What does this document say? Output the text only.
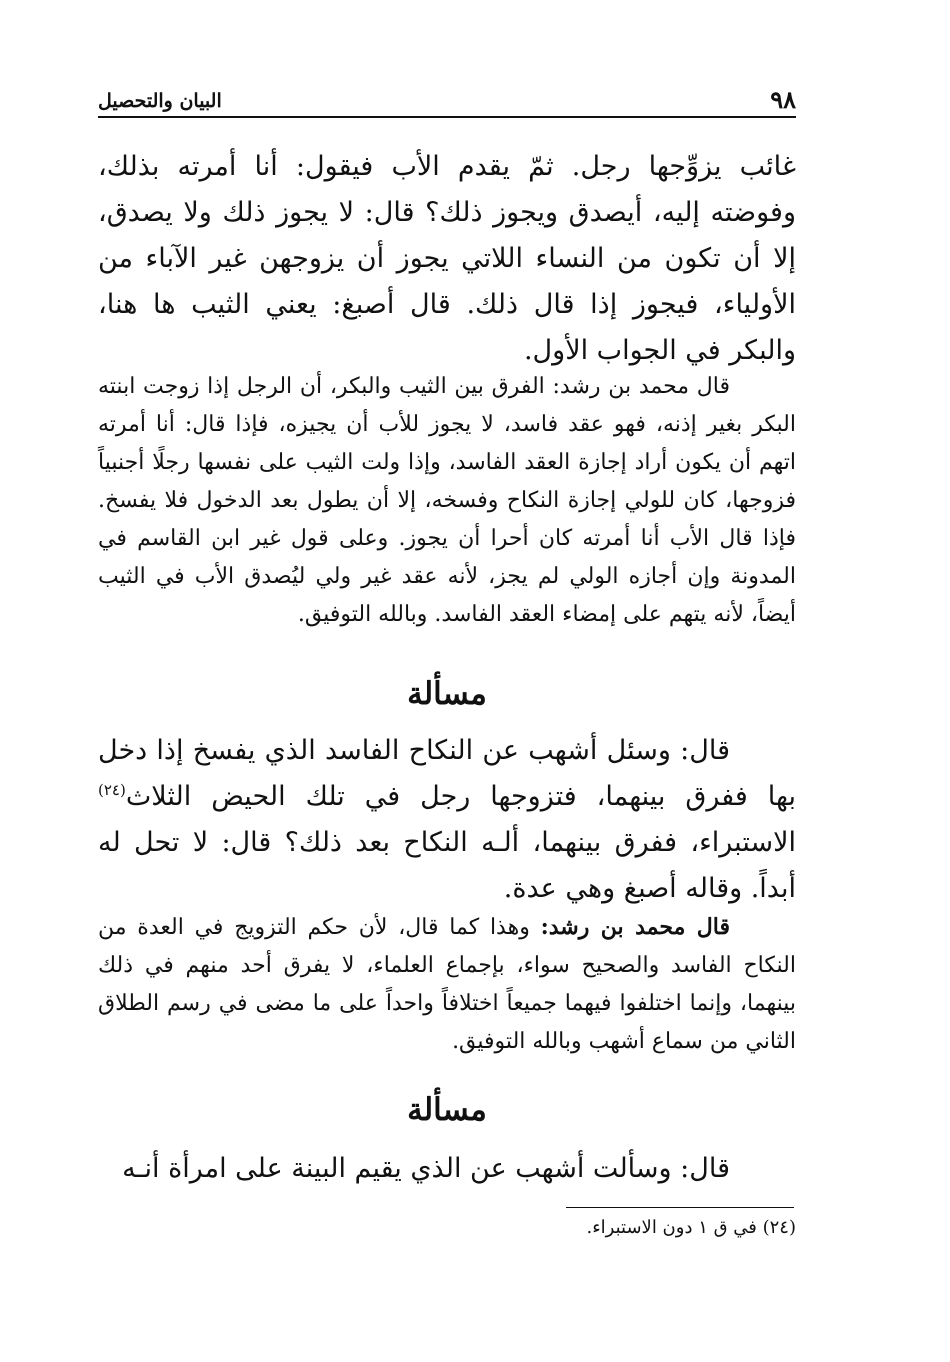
البيان والتحصيل	٩٨

غائب يزوِّجها رجل. ثمّ يقدم الأب فيقول: أنا أمرته بذلك، وفوضته إليه، أيصدق ويجوز ذلك؟ قال: لا يجوز ذلك ولا يصدق، إلا أن تكون من النساء اللاتي يجوز أن يزوجهن غير الآباء من الأولياء، فيجوز إذا قال ذلك. قال أصبغ: يعني الثيب ها هنا، والبكر في الجواب الأول.

قال محمد بن رشد: الفرق بين الثيب والبكر، أن الرجل إذا زوجت ابنته البكر بغير إذنه، فهو عقد فاسد، لا يجوز للأب أن يجيزه، فإذا قال: أنا أمرته اتهم أن يكون أراد إجازة العقد الفاسد، وإذا ولت الثيب على نفسها رجلًا أجنبياً فزوجها، كان للولي إجازة النكاح وفسخه، إلا أن يطول بعد الدخول فلا يفسخ. فإذا قال الأب أنا أمرته كان أحرا أن يجوز. وعلى قول غير ابن القاسم في المدونة وإن أجازه الولي لم يجز، لأنه عقد غير ولي ليُصدق الأب في الثيب أيضاً، لأنه يتهم على إمضاء العقد الفاسد. وبالله التوفيق.

مسألة

قال: وسئل أشهب عن النكاح الفاسد الذي يفسخ إذا دخل بها ففرق بينهما، فتزوجها رجل في تلك الحيض الثلاث$^{(٢٤)}$ الاستبراء، ففرق بينهما، ألـه النكاح بعد ذلك؟ قال: لا تحل له أبداً. وقاله أصبغ وهي عدة.

قال محمد بن رشد: وهذا كما قال، لأن حكم التزويج في العدة من النكاح الفاسد والصحيح سواء، بإجماع العلماء، لا يفرق أحد منهم في ذلك بينهما، وإنما اختلفوا فيهما جميعاً اختلافاً واحداً على ما مضى في رسم الطلاق الثاني من سماع أشهب وبالله التوفيق.

مسألة

قال: وسألت أشهب عن الذي يقيم البينة على امرأة أنـه

(٢٤) في ق ١ دون الاستبراء.
